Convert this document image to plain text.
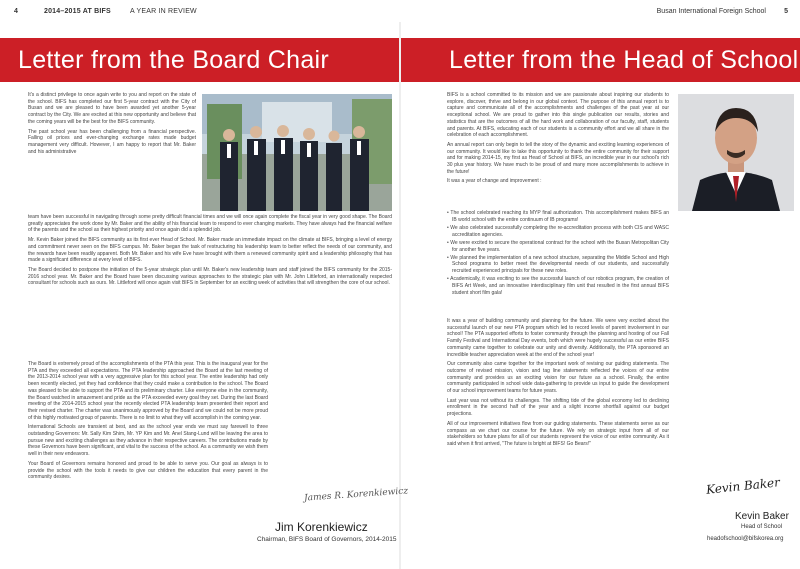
4	2014–2015 AT BIFS	A YEAR IN REVIEW	Busan International Foreign School	5
Letter from the Board Chair

It's a distinct privilege to once again write to you and report on the state of the school. BIFS has completed our first 5-year contract with the City of Busan and we are pleased to have been awarded yet another 5-year contract by the City. We are excited at this new opportunity and believe that the coming years will be the best for the BIFS community.

The past school year has been challenging from a financial perspective. Falling oil prices and ever-changing exchange rates made budget management very difficult. However, I am happy to report that Mr. Baker and his administrative

team have been successful in navigating through some pretty difficult financial times and we will once again complete the fiscal year in very good shape. The Board greatly appreciates the work done by Mr. Baker and the ability of his financial team to respond to ever changing markets. They have always had the financial welfare of the parents and the school as their highest priority and once again did a splendid job.

Mr. Kevin Baker joined the BIFS community as its first ever Head of School. Mr. Baker made an immediate impact on the climate at BIFS, bringing a level of energy and commitment never seen on the BIFS campus. Mr. Baker began the task of restructuring his leadership team to better reflect the needs of our community, and the rewards have been readily apparent. Both Mr. Baker and his wife Eve have brought with them a renewed community spirit and a leadership philosophy that has made a significant difference at every level of BIFS.

The Board decided to postpone the initiation of the 5-year strategic plan until Mr. Baker's new leadership team and staff joined the BIFS community for the 2015-2016 school year. Mr. Baker and the Board have been discussing various approaches to the strategic plan with Mr. John Littleford, an internationally respected consultant for schools such as ours. Mr. Littleford will once again visit BIFS in September for an exciting week of activities that will strengthen the core of our school.

The Board is extremely proud of the accomplishments of the PTA this year. This is the inaugural year for the PTA and they exceeded all expectations. The PTA leadership approached the Board at the last meeting of the 2013-2014 school year with a very aggressive plan for this school year. The entire leadership had only been recently elected, yet they had confidence that they could make a contribution to the school. The Board was pleased to be able to support the PTA and its preliminary charter. Like everyone else in the community, the Board watched in amazement and pride as the PTA exceeded every goal they set. During the last Board meeting of the 2014-2015 school year the recently elected PTA leadership team presented their report and their revised charter. The charter was unanimously approved by the Board and we could not be more proud of this highly motivated group of parents. There is no limit to what they will accomplish in the coming year.

International Schools are transient at best, and as the school year ends we must say farewell to three outstanding Governors: Mr. Sally Kim Shim, Mr. YP Kim and Mr. Anel Stang-Lund will be leaving the area to pursue new and exciting challenges as they advance in their respective careers. The contributions made by these Governors have been significant, and vital to the success of the school. As a community we wish them well in their new endeavors.

Your Board of Governors remains honored and proud to be able to serve you. Our goal as always is to provide the school with the tools it needs to give our children the education that every parent in the community desires.

James R. Korenkiewicz
Jim Korenkiewicz
Chairman, BIFS Board of Governors, 2014-2015
Letter from the Head of School

BIFS is a school committed to its mission and we are passionate about inspiring our students to explore, discover, thrive and belong in our global context. The purpose of this annual report is to capture and communicate all of the accomplishments and challenges of the past year at our exceptional school. We are proud to gather into this single publication our results, stories and statistics that are the outcomes of all the hard work and collaboration of our faculty, staff, students and parents. At BIFS, educating each of our students is a community effort and we all share in the celebration of each accomplishment.

An annual report can only begin to tell the story of the dynamic and exciting learning experiences of our community. It would like to take this opportunity to thank the entire community for their support and for making 2014-15, my first as Head of School at BIFS, an incredible year in our school's rich 30 plus year history. We have much to be proud of and many more accomplishments to achieve in the future!

It was a year of change and improvement :

• The school celebrated reaching its MYP final authorization. This accomplishment makes BIFS an IB world school with the entire continuum of IB programs!

• We also celebrated successfully completing the re-accreditation process with both CIS and WASC accreditation agencies.

• We were excited to secure the operational contract for the school with the Busan Metropolitan City for another five years.

• We planned the implementation of a new school structure, separating the Middle School and High School programs to better meet the developmental needs of our students, and successfully recruited experienced principals for these new roles.

• Academically, it was exciting to see the successful launch of our robotics program, the creation of BIFS Art Week, and an innovative interdisciplinary film unit that resulted in the first annual BIFS student short film gala!

It was a year of building community and planning for the future. We were very excited about the successful launch of our new PTA program which led to record levels of parent involvement in our school! The PTA supported efforts to foster community through the planning and hosting of our Fall Family Festival and International Day events, both which were hugely successful as our entire BIFS community came together to celebrate our unity and diversity. Additionally, the PTA sponsored an incredible teacher appreciation week at the end of the school year!

Our community also came together for the important work of revising our guiding statements. The outcome of revised mission, vision and tag line statements reflected the voices of our entire community and provides us an exciting vision for our future as a school. Finally, the entire community participated in school wide data-gathering to provide us input to guide the development of our school improvement teams for future years.

Last year was not without its challenges. The shifting tide of the global economy led to declining enrollment in the second half of the year and a slight income shortfall against our budget projections.

All of our improvement initiatives flow from our guiding statements. These statements serve as our compass as we chart our course for the future. We rely on strategic input from all of our stakeholders so future plans for all of our students represent the voice of our entire community. As it said when it first arrived, "The future is bright at BIFS! Go Bears!"

Kevin Baker
Kevin Baker
Head of School
headofschool@bifskorea.org
